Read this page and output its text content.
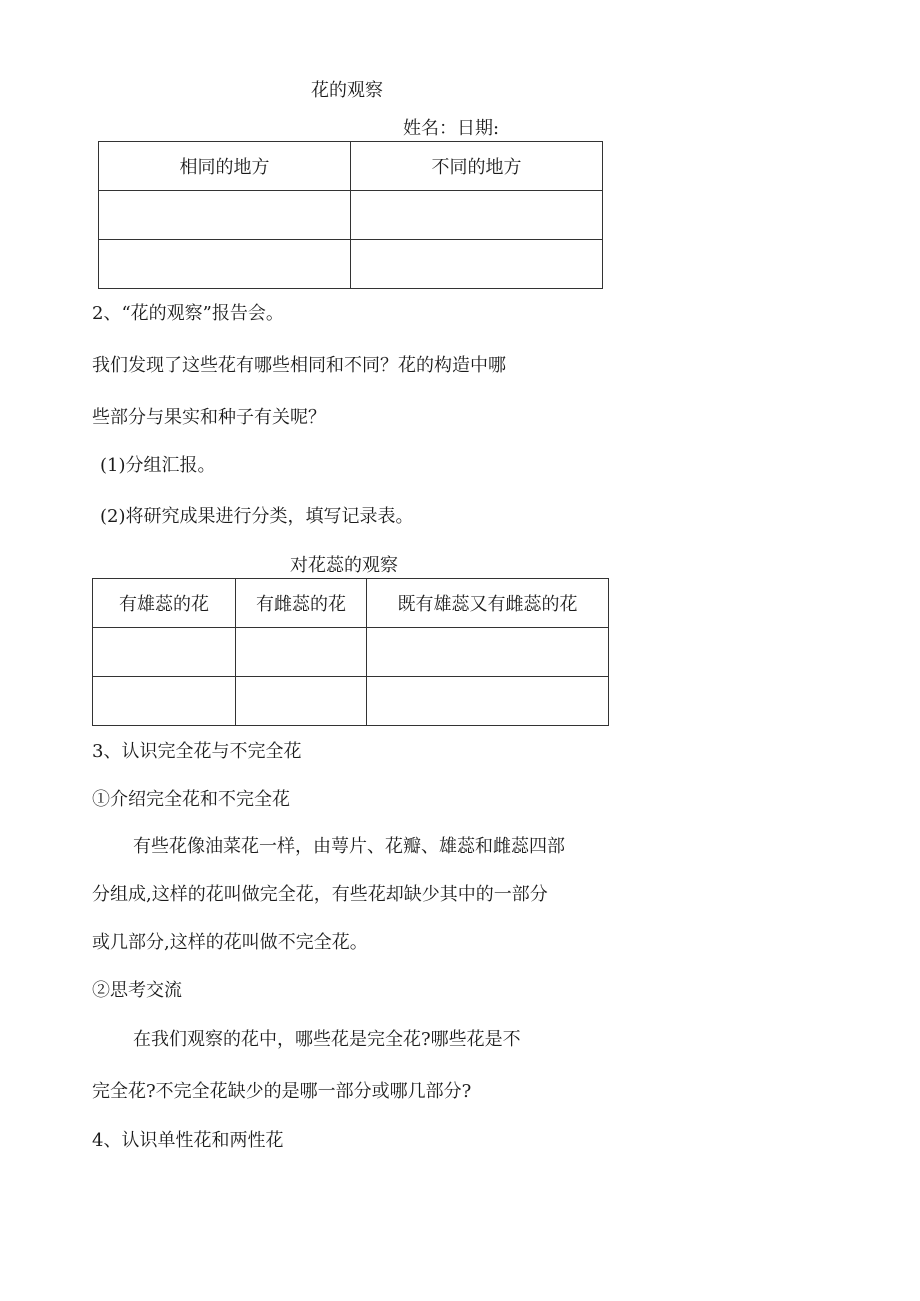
花的观察
姓名：日期:
相同的地方	不同的地方

2、“花的观察”报告会。
我们发现了这些花有哪些相同和不同？花的构造中哪
些部分与果实和种子有关呢？
(1)分组汇报。
(2)将研究成果进行分类，填写记录表。
对花蕊的观察
有雄蕊的花	有雌蕊的花	既有雄蕊又有雌蕊的花

3、认识完全花与不完全花
①介绍完全花和不完全花
有些花像油菜花一样，由萼片、花瓣、雄蕊和雌蕊四部
分组成,这样的花叫做完全花，有些花却缺少其中的一部分
或几部分,这样的花叫做不完全花。
②思考交流
在我们观察的花中，哪些花是完全花?哪些花是不
完全花?不完全花缺少的是哪一部分或哪几部分?
4、认识单性花和两性花
